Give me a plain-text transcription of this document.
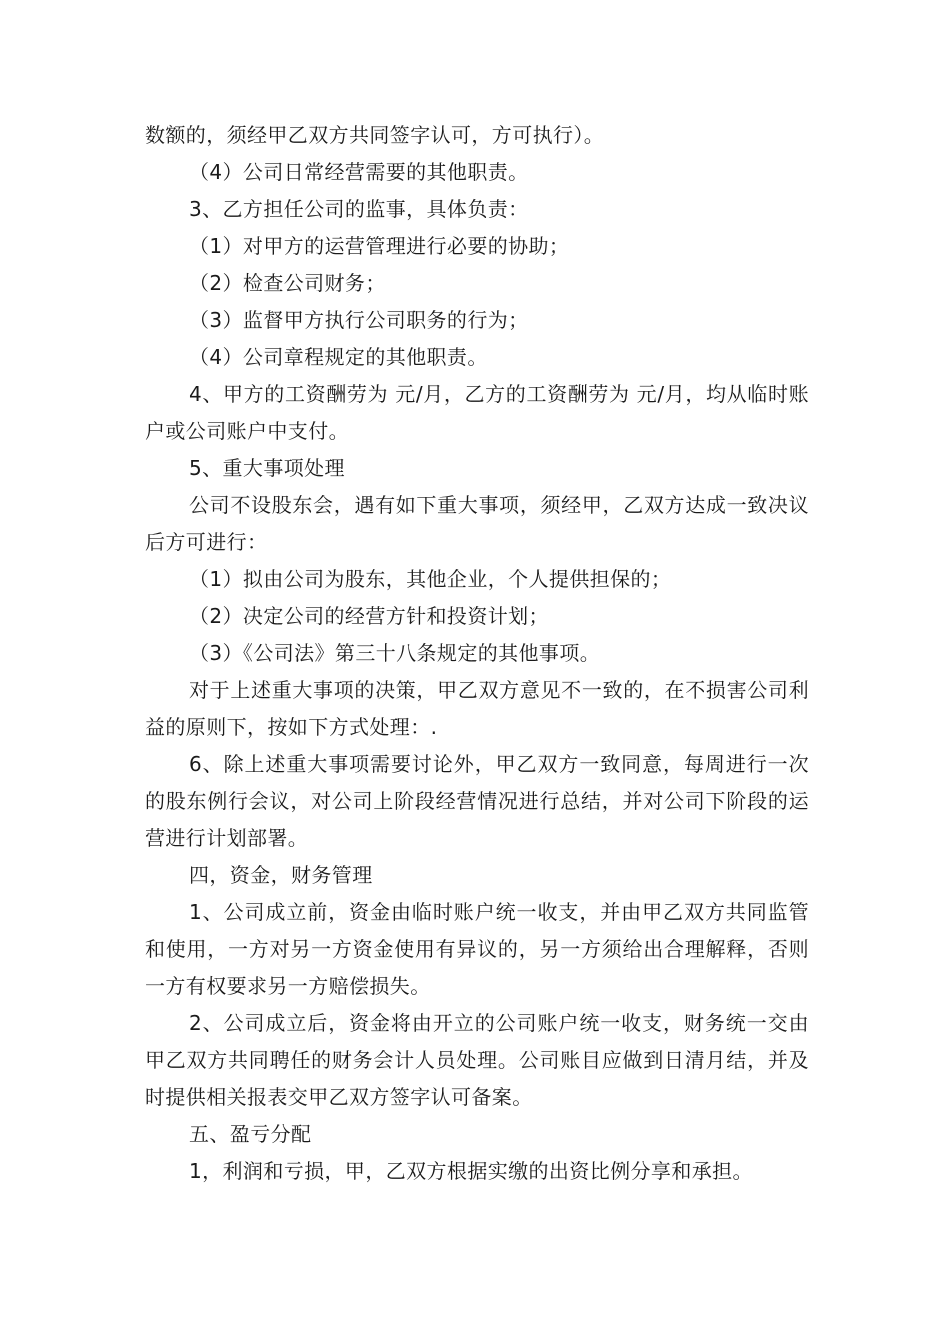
数额的，须经甲乙双方共同签字认可，方可执行）。

（4）公司日常经营需要的其他职责。

3、乙方担任公司的监事，具体负责：

（1）对甲方的运营管理进行必要的协助；

（2）检查公司财务；

（3）监督甲方执行公司职务的行为；

（4）公司章程规定的其他职责。

4、甲方的工资酬劳为 元/月，乙方的工资酬劳为 元/月，均从临时账户或公司账户中支付。

5、重大事项处理

公司不设股东会，遇有如下重大事项，须经甲，乙双方达成一致决议后方可进行：

（1）拟由公司为股东，其他企业，个人提供担保的；

（2）决定公司的经营方针和投资计划；

（3）《公司法》第三十八条规定的其他事项。

对于上述重大事项的决策，甲乙双方意见不一致的，在不损害公司利益的原则下，按如下方式处理：.

6、除上述重大事项需要讨论外，甲乙双方一致同意，每周进行一次的股东例行会议，对公司上阶段经营情况进行总结，并对公司下阶段的运营进行计划部署。

四，资金，财务管理

1、公司成立前，资金由临时账户统一收支，并由甲乙双方共同监管和使用，一方对另一方资金使用有异议的，另一方须给出合理解释，否则一方有权要求另一方赔偿损失。

2、公司成立后，资金将由开立的公司账户统一收支，财务统一交由甲乙双方共同聘任的财务会计人员处理。公司账目应做到日清月结，并及时提供相关报表交甲乙双方签字认可备案。

五、盈亏分配

1，利润和亏损，甲，乙双方根据实缴的出资比例分享和承担。
